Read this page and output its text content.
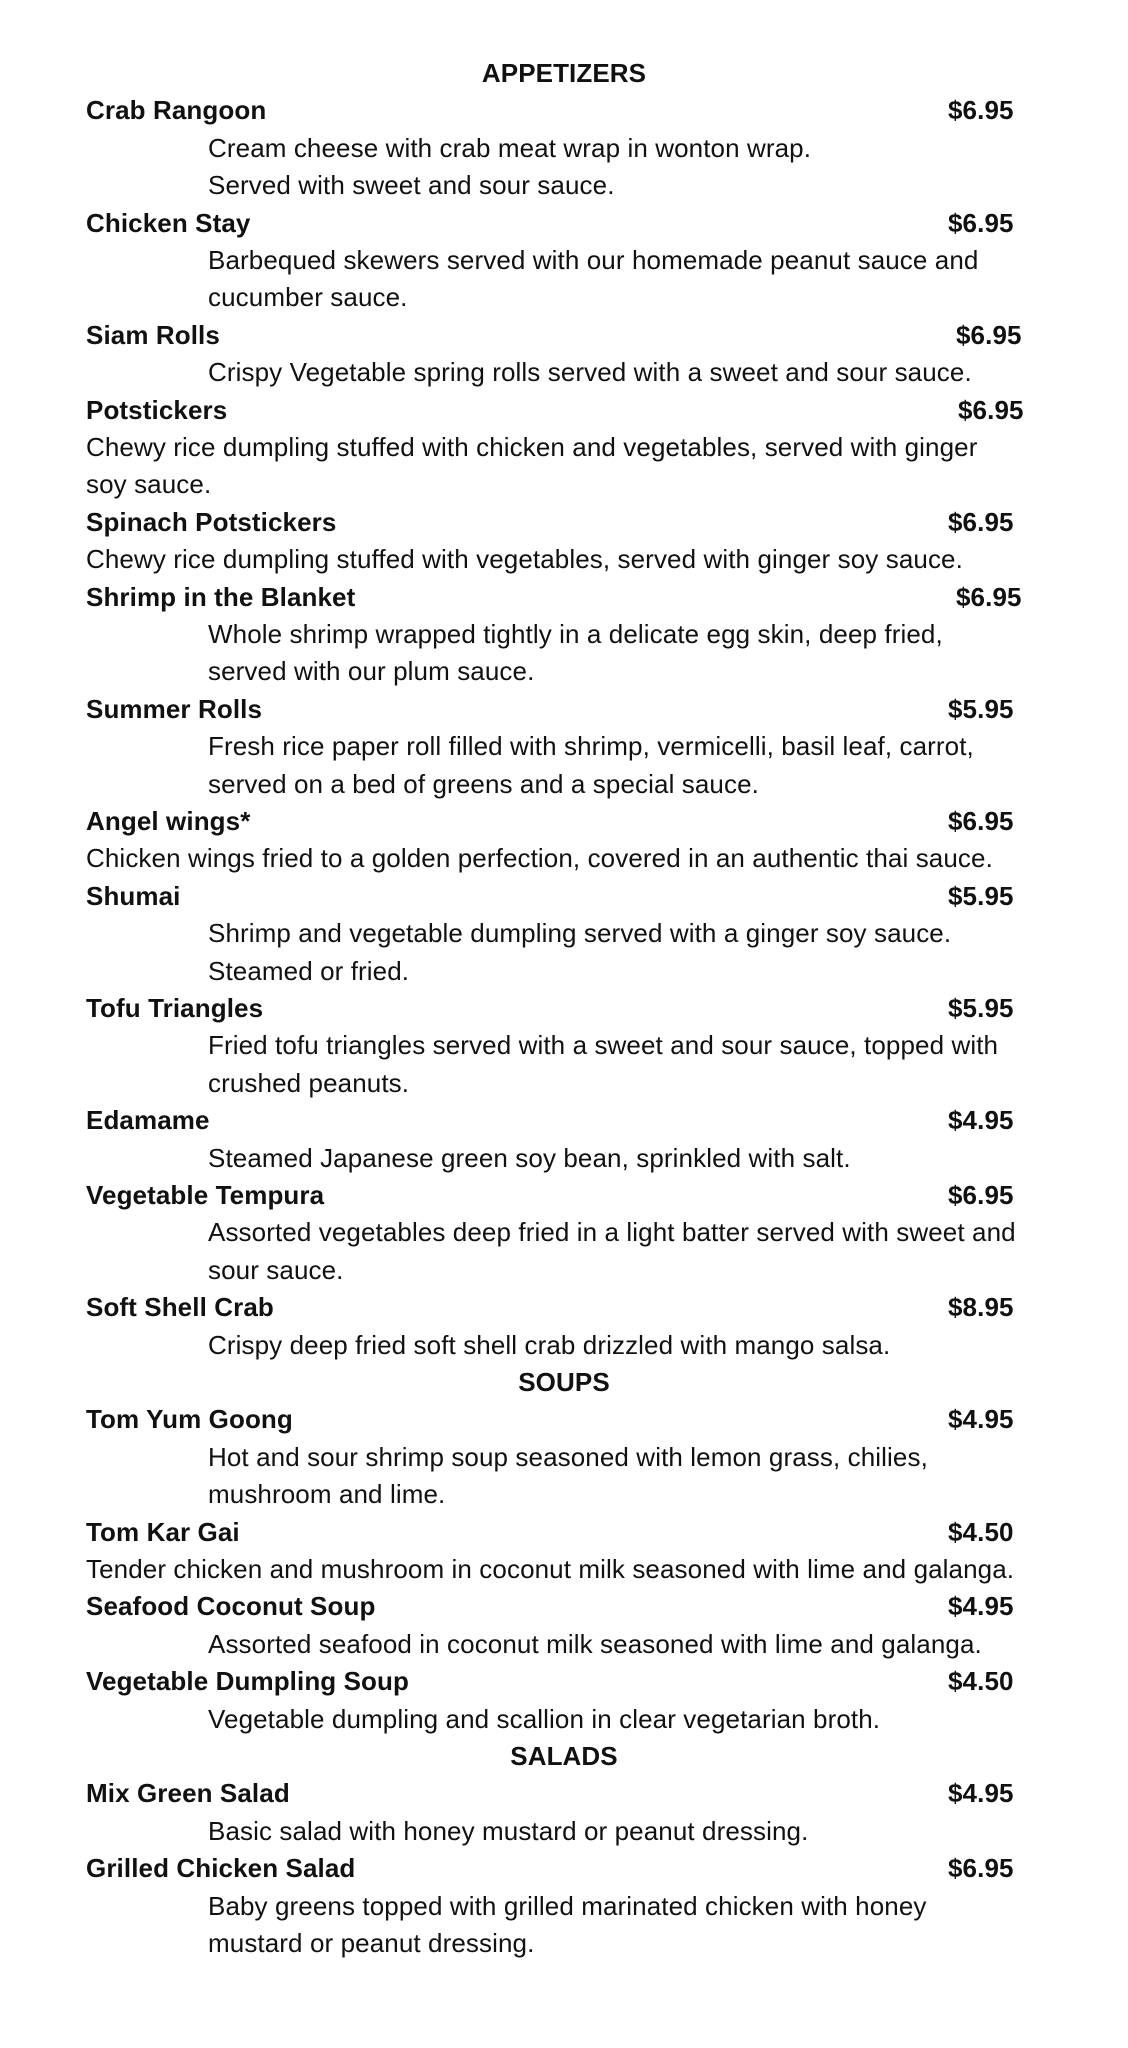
APPETIZERS
Crab Rangoon	$6.95
Cream cheese with crab meat wrap in wonton wrap.
Served with sweet and sour sauce.
Chicken Stay	$6.95
Barbequed skewers served with our homemade peanut sauce and
cucumber sauce.
Siam Rolls	$6.95
Crispy Vegetable spring rolls served with a sweet and sour sauce.
Potstickers	$6.95
Chewy rice dumpling stuffed with chicken and vegetables, served with ginger
soy sauce.
Spinach Potstickers	$6.95
Chewy rice dumpling stuffed with vegetables, served with ginger soy sauce.
Shrimp in the Blanket	$6.95
Whole shrimp wrapped tightly in a delicate egg skin, deep fried,
served with our plum sauce.
Summer Rolls	$5.95
Fresh rice paper roll filled with shrimp, vermicelli, basil leaf, carrot,
served on a bed of greens and a special sauce.
Angel wings*	$6.95
Chicken wings fried to a golden perfection, covered in an authentic thai sauce.
Shumai	$5.95
Shrimp and vegetable dumpling served with a ginger soy sauce.
Steamed or fried.
Tofu Triangles	$5.95
Fried tofu triangles served with a sweet and sour sauce, topped with
crushed peanuts.
Edamame	$4.95
Steamed Japanese green soy bean, sprinkled with salt.
Vegetable Tempura	$6.95
Assorted vegetables deep fried in a light batter served with sweet and
sour sauce.
Soft Shell Crab	$8.95
Crispy deep fried soft shell crab drizzled with mango salsa.
SOUPS
Tom Yum Goong	$4.95
Hot and sour shrimp soup seasoned with lemon grass, chilies,
mushroom and lime.
Tom Kar Gai	$4.50
Tender chicken and mushroom in coconut milk seasoned with lime and galanga.
Seafood Coconut Soup	$4.95
Assorted seafood in coconut milk seasoned with lime and galanga.
Vegetable Dumpling Soup	$4.50
Vegetable dumpling and scallion in clear vegetarian broth.
SALADS
Mix Green Salad	$4.95
Basic salad with honey mustard or peanut dressing.
Grilled Chicken Salad	$6.95
Baby greens topped with grilled marinated chicken with honey
mustard or peanut dressing.
